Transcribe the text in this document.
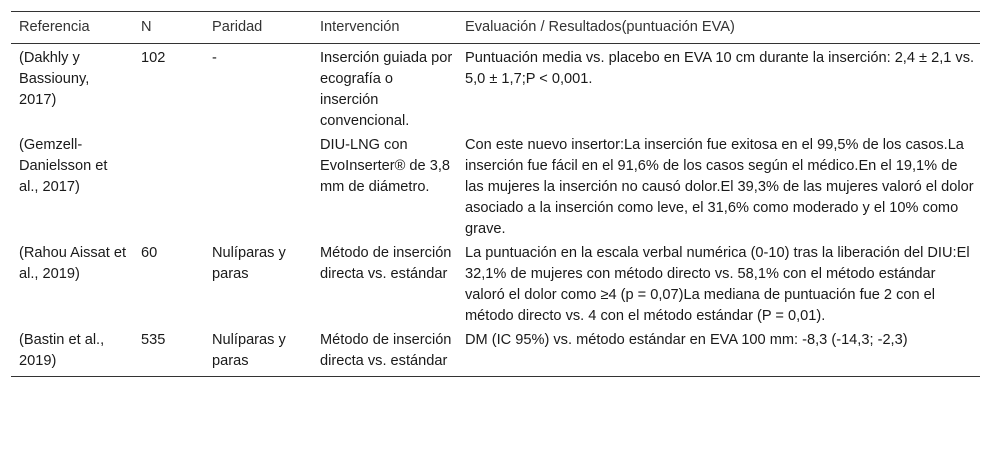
Referencia	N	Paridad	Intervención	Evaluación / Resultados(puntuación EVA)
(Dakhly y Bassiouny, 2017)	102	-	Inserción guiada por ecografía o inserción convencional.	Puntuación media vs. placebo en EVA 10 cm durante la inserción: 2,4 ± 2,1 vs. 5,0 ± 1,7;P < 0,001.
(Gemzell-Danielsson et al., 2017)			DIU-LNG con EvoInserter® de 3,8 mm de diámetro.	Con este nuevo insertor:La inserción fue exitosa en el 99,5% de los casos.La inserción fue fácil en el 91,6% de los casos según el médico.En el 19,1% de las mujeres la inserción no causó dolor.El 39,3% de las mujeres valoró el dolor asociado a la inserción como leve, el 31,6% como moderado y el 10% como grave.
(Rahou Aissat et al., 2019)	60	Nulíparas y paras	Método de inserción directa vs. estándar	La puntuación en la escala verbal numérica (0-10) tras la liberación del DIU:El 32,1% de mujeres con método directo vs. 58,1% con el método estándar valoró el dolor como ≥4 (p = 0,07)La mediana de puntuación fue 2 con el método directo vs. 4 con el método estándar (P = 0,01).
(Bastin et al., 2019)	535	Nulíparas y paras	Método de inserción directa vs. estándar	DM (IC 95%) vs. método estándar en EVA 100 mm: -8,3 (-14,3; -2,3)
